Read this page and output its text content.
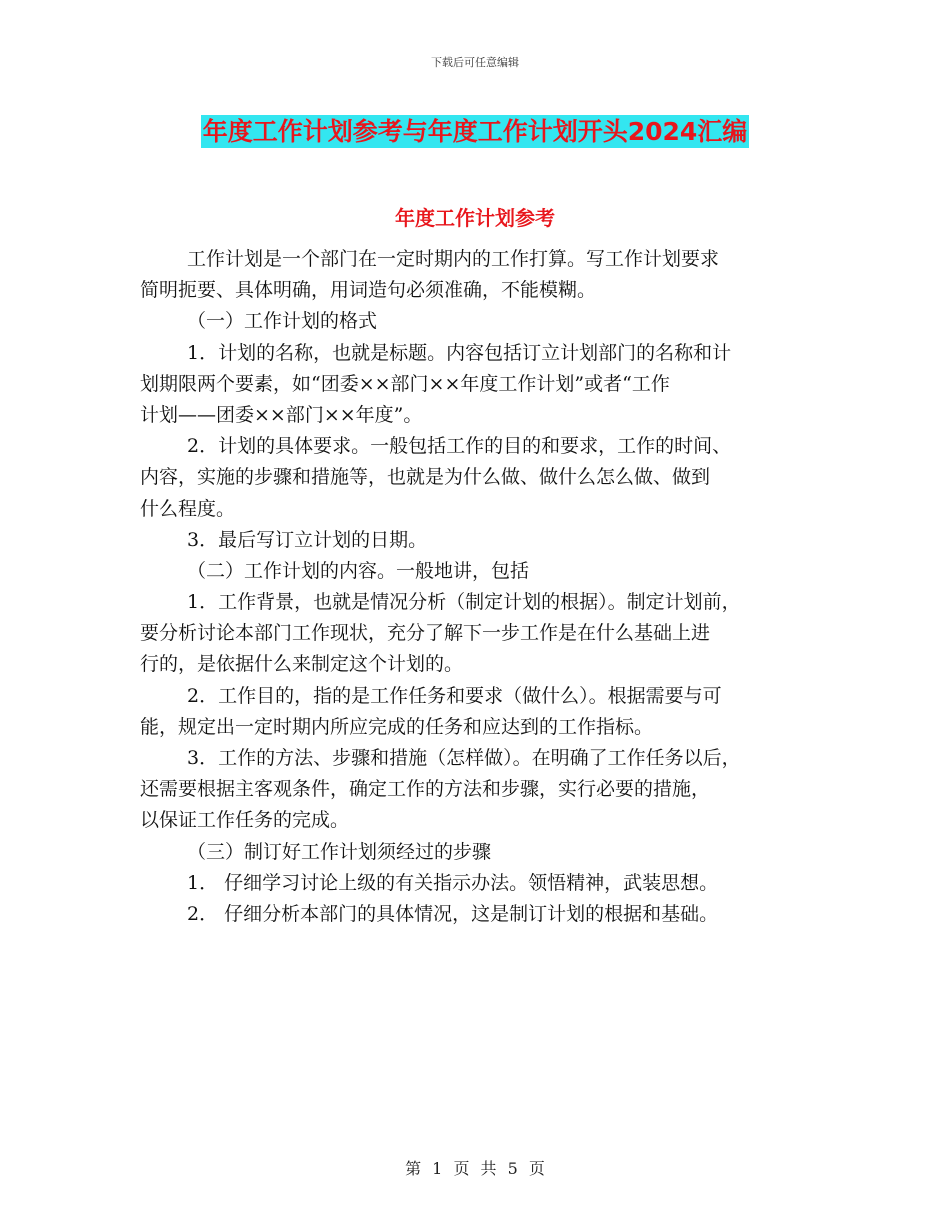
下载后可任意编辑
年度工作计划参考与年度工作计划开头2024汇编
年度工作计划参考
工作计划是一个部门在一定时期内的工作打算。写工作计划要求
简明扼要、具体明确，用词造句必须准确，不能模糊。
（一）工作计划的格式
1．计划的名称，也就是标题。内容包括订立计划部门的名称和计
划期限两个要素，如“团委××部门××年度工作计划”或者“工作
计划——团委××部门××年度”。
2．计划的具体要求。一般包括工作的目的和要求，工作的时间、
内容，实施的步骤和措施等，也就是为什么做、做什么怎么做、做到
什么程度。
3．最后写订立计划的日期。
（二）工作计划的内容。一般地讲，包括
1．工作背景，也就是情况分析（制定计划的根据）。制定计划前，
要分析讨论本部门工作现状，充分了解下一步工作是在什么基础上进
行的，是依据什么来制定这个计划的。
2．工作目的，指的是工作任务和要求（做什么）。根据需要与可
能，规定出一定时期内所应完成的任务和应达到的工作指标。
3．工作的方法、步骤和措施（怎样做）。在明确了工作任务以后，
还需要根据主客观条件，确定工作的方法和步骤，实行必要的措施，
以保证工作任务的完成。
（三）制订好工作计划须经过的步骤
1． 仔细学习讨论上级的有关指示办法。领悟精神，武装思想。
2． 仔细分析本部门的具体情况，这是制订计划的根据和基础。
第 1 页 共 5 页
